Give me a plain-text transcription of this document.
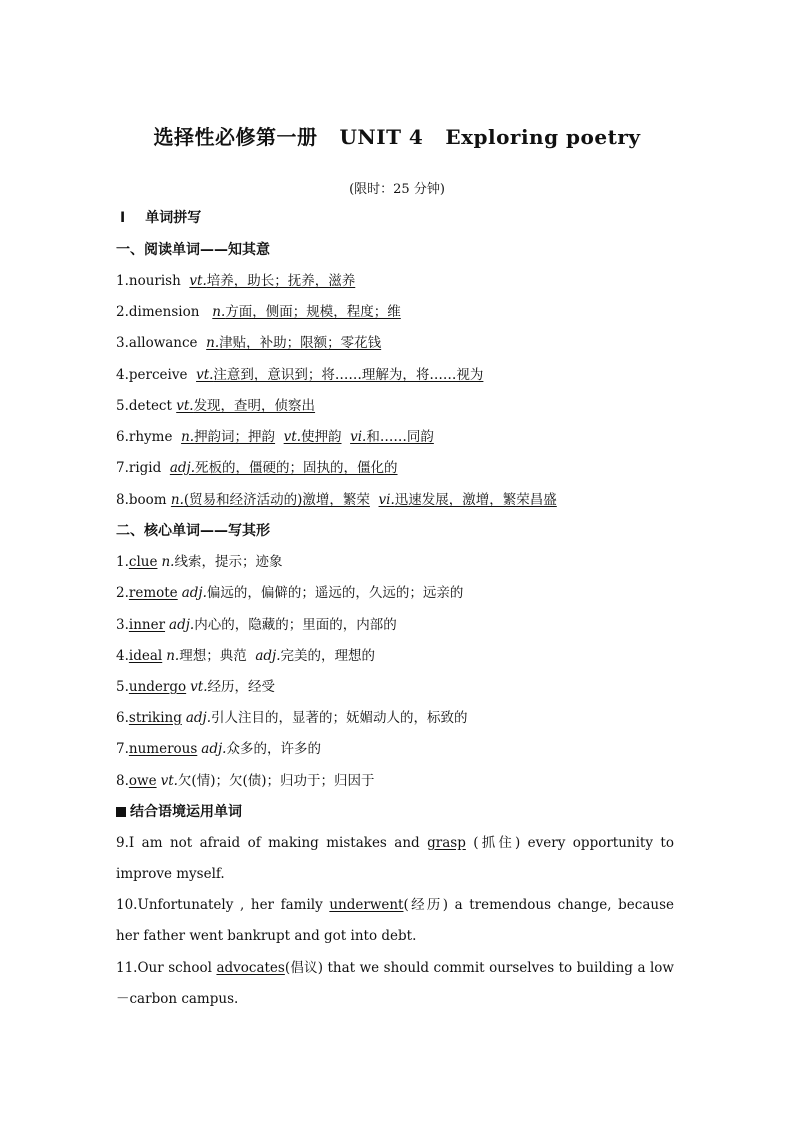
选择性必修第一册 UNIT 4 Exploring poetry
(限时：25 分钟)
Ⅰ 单词拼写
一、阅读单词——知其意
1.nourish vt.培养，助长；抚养，滋养
2.dimension n.方面，侧面；规模，程度；维
3.allowance n.津贴，补助；限额；零花钱
4.perceive vt.注意到，意识到；将……理解为，将……视为
5.detect vt.发现，查明，侦察出
6.rhyme n.押韵词；押韵 vt.使押韵 vi.和……同韵
7.rigid adj.死板的，僵硬的；固执的，僵化的
8.boom n.(贸易和经济活动的)激增，繁荣 vi.迅速发展，激增，繁荣昌盛
二、核心单词——写其形
1.clue n.线索，提示；迹象
2.remote adj.偏远的，偏僻的；遥远的，久远的；远亲的
3.inner adj.内心的，隐藏的；里面的，内部的
4.ideal n.理想；典范 adj.完美的，理想的
5.undergo vt.经历，经受
6.striking adj.引人注目的，显著的；妩媚动人的，标致的
7.numerous adj.众多的，许多的
8.owe vt.欠(情)；欠(债)；归功于；归因于
结合语境运用单词
9.I am not afraid of making mistakes and grasp (抓住) every opportunity to improve myself.
10.Unfortunately , her family underwent(经历) a tremendous change, because her father went bankrupt and got into debt.
11.Our school advocates(倡议) that we should commit ourselves to building a low－carbon campus.
